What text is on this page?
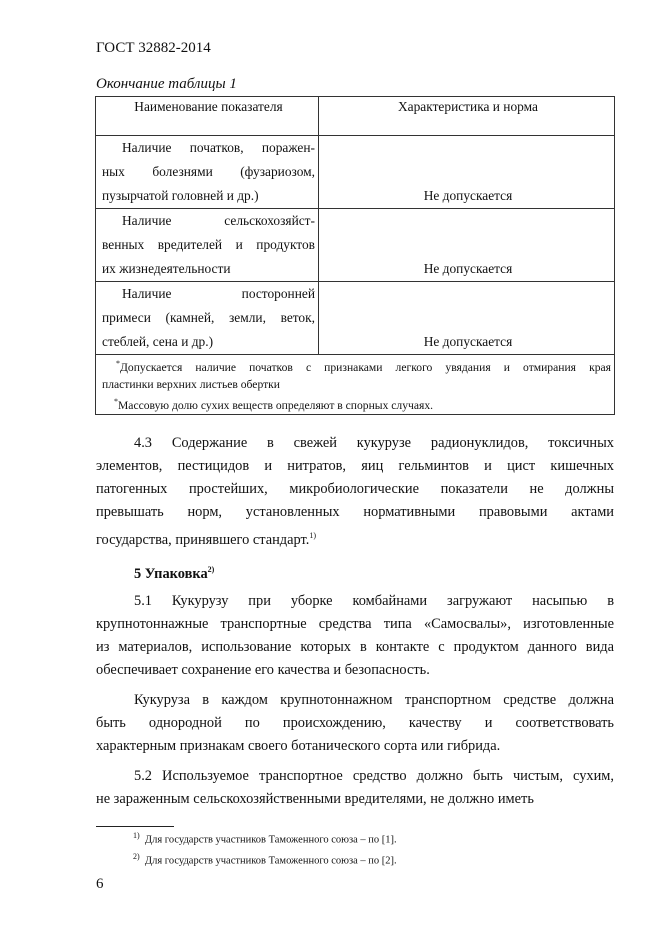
ГОСТ 32882-2014
Окончание таблицы 1
Наименование показателя	Характеристика и норма

Наличие початков, поражен-
ных болезнями (фузариозом,
пузырчатой головней и др.)	Не допускается

Наличие сельскохозяйст-
венных вредителей и продуктов
их жизнедеятельности	Не допускается

Наличие посторонней
примеси (камней, земли, веток,
стеблей, сена и др.)	Не допускается

*Допускается наличие початков с признаками легкого увядания и отмирания края
пластинки верхних листьев обертки
*Массовую долю сухих веществ определяют в спорных случаях.	
4.3 Содержание в свежей кукурузе радионуклидов, токсичных
элементов, пестицидов и нитратов, яиц гельминтов и цист кишечных
патогенных простейших, микробиологические показатели не должны
превышать норм, установленных нормативными правовыми актами
государства, принявшего стандарт.$^{1)}$
5 Упаковка$^{2)}$
5.1 Кукурузу при уборке комбайнами загружают насыпью в
крупнотоннажные транспортные средства типа «Самосвалы», изготовленные
из материалов, использование которых в контакте с продуктом данного вида
обеспечивает сохранение его качества и безопасность.
Кукуруза в каждом крупнотоннажном транспортном средстве должна
быть однородной по происхождению, качеству и соответствовать
характерным признакам своего ботанического сорта или гибрида.
5.2 Используемое транспортное средство должно быть чистым, сухим,
не зараженным сельскохозяйственными вредителями, не должно иметь
$^{1)}$ Для государств участников Таможенного союза – по [1].
$^{2)}$ Для государств участников Таможенного союза – по [2].
6
